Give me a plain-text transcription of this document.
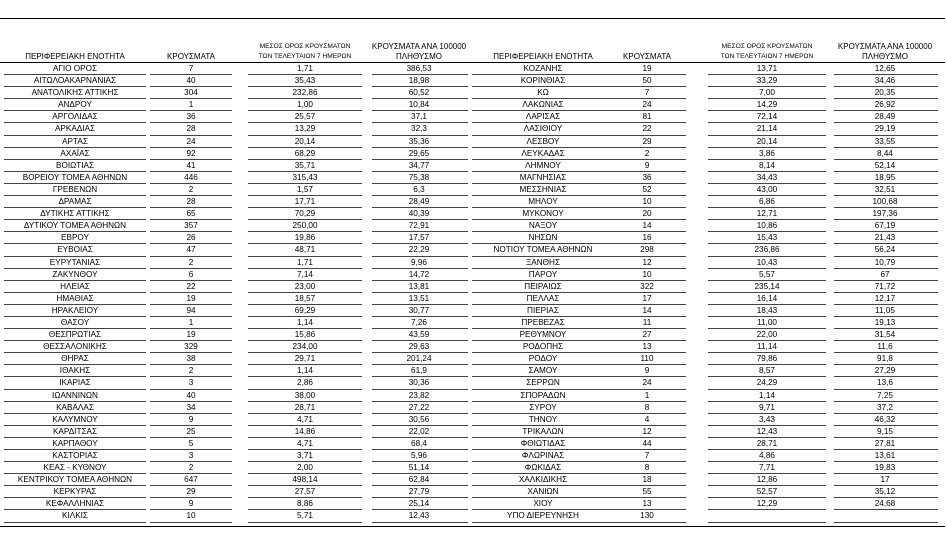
ΠΕΡΙΦΕΡΕΙΑΚΗ ΕΝΟΤΗΤΑ	ΚΡΟΥΣΜΑΤΑ
ΜΕΣΟΣ ΟΡΟΣ ΚΡΟΥΣΜΑΤΩΝ
ΤΩΝ ΤΕΛΕΥΤΑΙΩΝ 7 ΗΜΕΡΩΝ
ΚΡΟΥΣΜΑΤΑ ΑΝΑ 100000
ΠΛΗΘΥΣΜΟ
ΑΓΙΟ ΟΡΟΣ	7	1,71	386,53
ΑΙΤΩΛΟΑΚΑΡΝΑΝΙΑΣ	40	35,43	18,98
ΑΝΑΤΟΛΙΚΗΣ ΑΤΤΙΚΗΣ	304	232,86	60,52
ΑΝΔΡΟΥ	1	1,00	10,84
ΑΡΓΟΛΙΔΑΣ	36	25,57	37,1
ΑΡΚΑΔΙΑΣ	28	13,29	32,3
ΑΡΤΑΣ	24	20,14	35,36
ΑΧΑΪΑΣ	92	68,29	29,65
ΒΟΙΩΤΙΑΣ	41	35,71	34,77
ΒΟΡΕΙΟΥ ΤΟΜΕΑ ΑΘΗΝΩΝ	446	315,43	75,38
ΓΡΕΒΕΝΩΝ	2	1,57	6,3
ΔΡΑΜΑΣ	28	17,71	28,49
ΔΥΤΙΚΗΣ ΑΤΤΙΚΗΣ	65	70,29	40,39
ΔΥΤΙΚΟΥ ΤΟΜΕΑ ΑΘΗΝΩΝ	357	250,00	72,91
ΕΒΡΟΥ	26	19,86	17,57
ΕΥΒΟΙΑΣ	47	48,71	22,29
ΕΥΡΥΤΑΝΙΑΣ	2	1,71	9,96
ΖΑΚΥΝΘΟΥ	6	7,14	14,72
ΗΛΕΙΑΣ	22	23,00	13,81
ΗΜΑΘΙΑΣ	19	18,57	13,51
ΗΡΑΚΛΕΙΟΥ	94	69,29	30,77
ΘΑΣΟΥ	1	1,14	7,26
ΘΕΣΠΡΩΤΙΑΣ	19	15,86	43,59
ΘΕΣΣΑΛΟΝΙΚΗΣ	329	234,00	29,63
ΘΗΡΑΣ	38	29,71	201,24
ΙΘΑΚΗΣ	2	1,14	61,9
ΙΚΑΡΙΑΣ	3	2,86	30,36
ΙΩΑΝΝΙΝΩΝ	40	38,00	23,82
ΚΑΒΑΛΑΣ	34	28,71	27,22
ΚΑΛΥΜΝΟΥ	9	4,71	30,56
ΚΑΡΔΙΤΣΑΣ	25	14,86	22,02
ΚΑΡΠΑΘΟΥ	5	4,71	68,4
ΚΑΣΤΟΡΙΑΣ	3	3,71	5,96
ΚΕΑΣ - ΚΥΘΝΟΥ	2	2,00	51,14
ΚΕΝΤΡΙΚΟΥ ΤΟΜΕΑ ΑΘΗΝΩΝ	647	498,14	62,84
ΚΕΡΚΥΡΑΣ	29	27,57	27,79
ΚΕΦΑΛΛΗΝΙΑΣ	9	8,86	25,14
ΚΙΛΚΙΣ	10	5,71	12,43
ΠΕΡΙΦΕΡΕΙΑΚΗ ΕΝΟΤΗΤΑ	ΚΡΟΥΣΜΑΤΑ
ΜΕΣΟΣ ΟΡΟΣ ΚΡΟΥΣΜΑΤΩΝ
ΤΩΝ ΤΕΛΕΥΤΑΙΩΝ 7 ΗΜΕΡΩΝ
ΚΡΟΥΣΜΑΤΑ ΑΝΑ 100000
ΠΛΗΘΥΣΜΟ
ΚΟΖΑΝΗΣ	19	13,71	12,65
ΚΟΡΙΝΘΙΑΣ	50	33,29	34,46
ΚΩ	7	7,00	20,35
ΛΑΚΩΝΙΑΣ	24	14,29	26,92
ΛΑΡΙΣΑΣ	81	72,14	28,49
ΛΑΣΙΘΙΟΥ	22	21,14	29,19
ΛΕΣΒΟΥ	29	20,14	33,55
ΛΕΥΚΑΔΑΣ	2	3,86	8,44
ΛΗΜΝΟΥ	9	8,14	52,14
ΜΑΓΝΗΣΙΑΣ	36	34,43	18,95
ΜΕΣΣΗΝΙΑΣ	52	43,00	32,51
ΜΗΛΟΥ	10	6,86	100,68
ΜΥΚΟΝΟΥ	20	12,71	197,36
ΝΑΞΟΥ	14	10,86	67,19
ΝΗΣΩΝ	16	15,43	21,43
ΝΟΤΙΟΥ ΤΟΜΕΑ ΑΘΗΝΩΝ	298	236,86	56,24
ΞΑΝΘΗΣ	12	10,43	10,79
ΠΑΡΟΥ	10	5,57	67
ΠΕΙΡΑΙΩΣ	322	235,14	71,72
ΠΕΛΛΑΣ	17	16,14	12,17
ΠΙΕΡΙΑΣ	14	18,43	11,05
ΠΡΕΒΕΖΑΣ	11	11,00	19,13
ΡΕΘΥΜΝΟΥ	27	22,00	31,54
ΡΟΔΟΠΗΣ	13	11,14	11,6
ΡΟΔΟΥ	110	79,86	91,8
ΣΑΜΟΥ	9	8,57	27,29
ΣΕΡΡΩΝ	24	24,29	13,6
ΣΠΟΡΑΔΩΝ	1	1,14	7,25
ΣΥΡΟΥ	8	9,71	37,2
ΤΗΝΟΥ	4	3,43	46,32
ΤΡΙΚΑΛΩΝ	12	12,43	9,15
ΦΘΙΩΤΙΔΑΣ	44	28,71	27,81
ΦΛΩΡΙΝΑΣ	7	4,86	13,61
ΦΩΚΙΔΑΣ	8	7,71	19,83
ΧΑΛΚΙΔΙΚΗΣ	18	12,86	17
ΧΑΝΙΩΝ	55	52,57	35,12
ΧΙΟΥ	13	12,29	24,68
ΥΠΟ ΔΙΕΡΕΥΝΗΣΗ	130
